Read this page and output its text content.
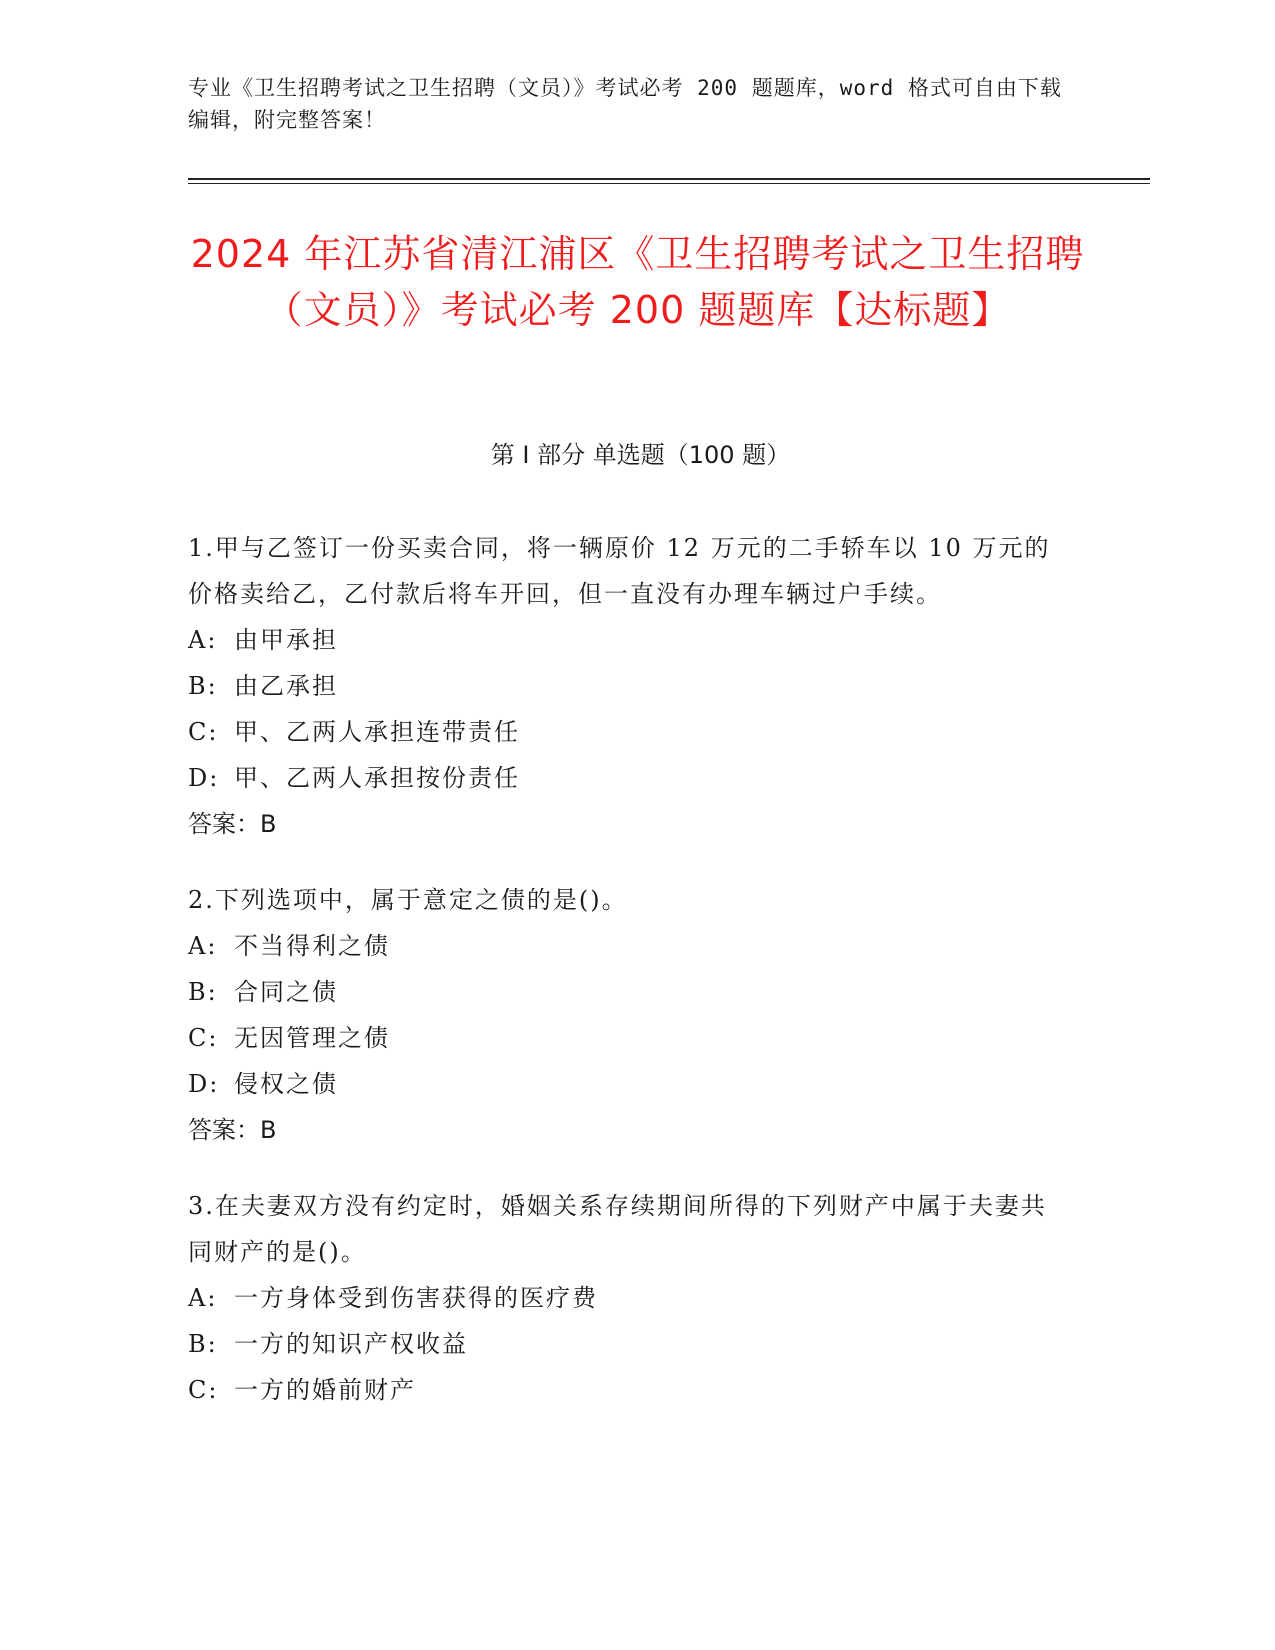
专业《卫生招聘考试之卫生招聘（文员）》考试必考 200 题题库，word 格式可自由下载编辑，附完整答案！
2024 年江苏省清江浦区《卫生招聘考试之卫生招聘（文员）》考试必考 200 题题库【达标题】
第 I 部分 单选题（100 题）
1.甲与乙签订一份买卖合同，将一辆原价 12 万元的二手轿车以 10 万元的价格卖给乙，乙付款后将车开回，但一直没有办理车辆过户手续。
A: 由甲承担
B: 由乙承担
C: 甲、乙两人承担连带责任
D: 甲、乙两人承担按份责任
答案：B
2.下列选项中，属于意定之债的是()。
A: 不当得利之债
B: 合同之债
C: 无因管理之债
D: 侵权之债
答案：B
3.在夫妻双方没有约定时，婚姻关系存续期间所得的下列财产中属于夫妻共同财产的是()。
A: 一方身体受到伤害获得的医疗费
B: 一方的知识产权收益
C: 一方的婚前财产
